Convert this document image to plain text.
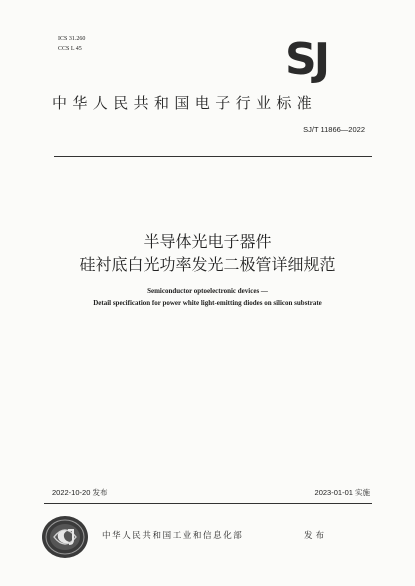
ICS 31.260
CCS L 45	SJ
中华人民共和国电子行业标准
SJ/T 11866—2022
半导体光电子器件
硅衬底白光功率发光二极管详细规范
Semiconductor optoelectronic devices —
Detail specification for power white light-emitting diodes on silicon substrate
2022-10-20 发布	2023-01-01 实施
中华人民共和国工业和信息化部	发布
